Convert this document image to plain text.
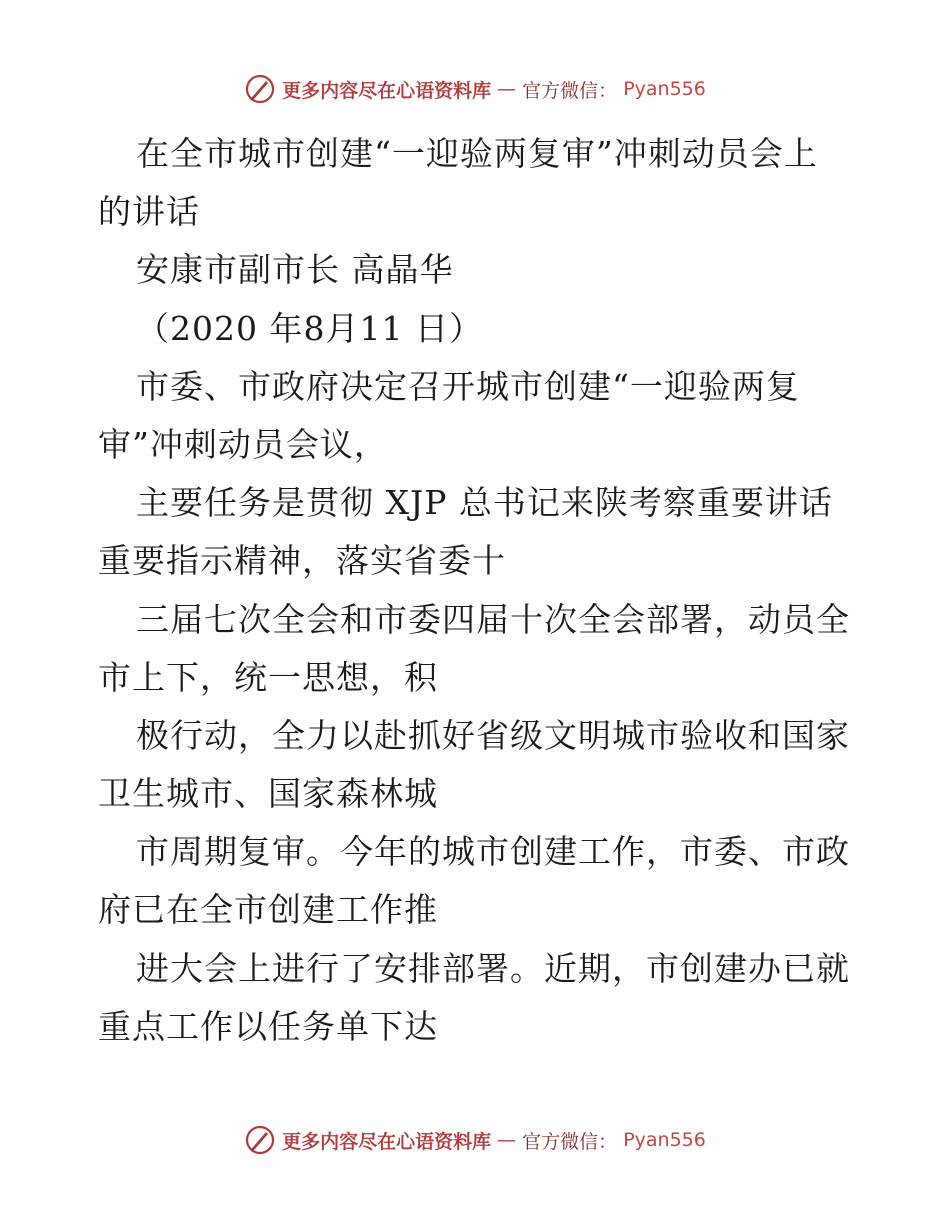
更多内容尽在心语资料库 — 官方微信： Pyan556
在全市城市创建“一迎验两复审”冲刺动员会上
的讲话
安康市副市长 高晶华
（2020 年8月11 日）
市委、市政府决定召开城市创建“一迎验两复
审”冲刺动员会议，
主要任务是贯彻 XJP 总书记来陕考察重要讲话
重要指示精神，落实省委十
三届七次全会和市委四届十次全会部署，动员全
市上下，统一思想，积
极行动，全力以赴抓好省级文明城市验收和国家
卫生城市、国家森林城
市周期复审。今年的城市创建工作，市委、市政
府已在全市创建工作推
进大会上进行了安排部署。近期，市创建办已就
重点工作以任务单下达
更多内容尽在心语资料库 — 官方微信： Pyan556
